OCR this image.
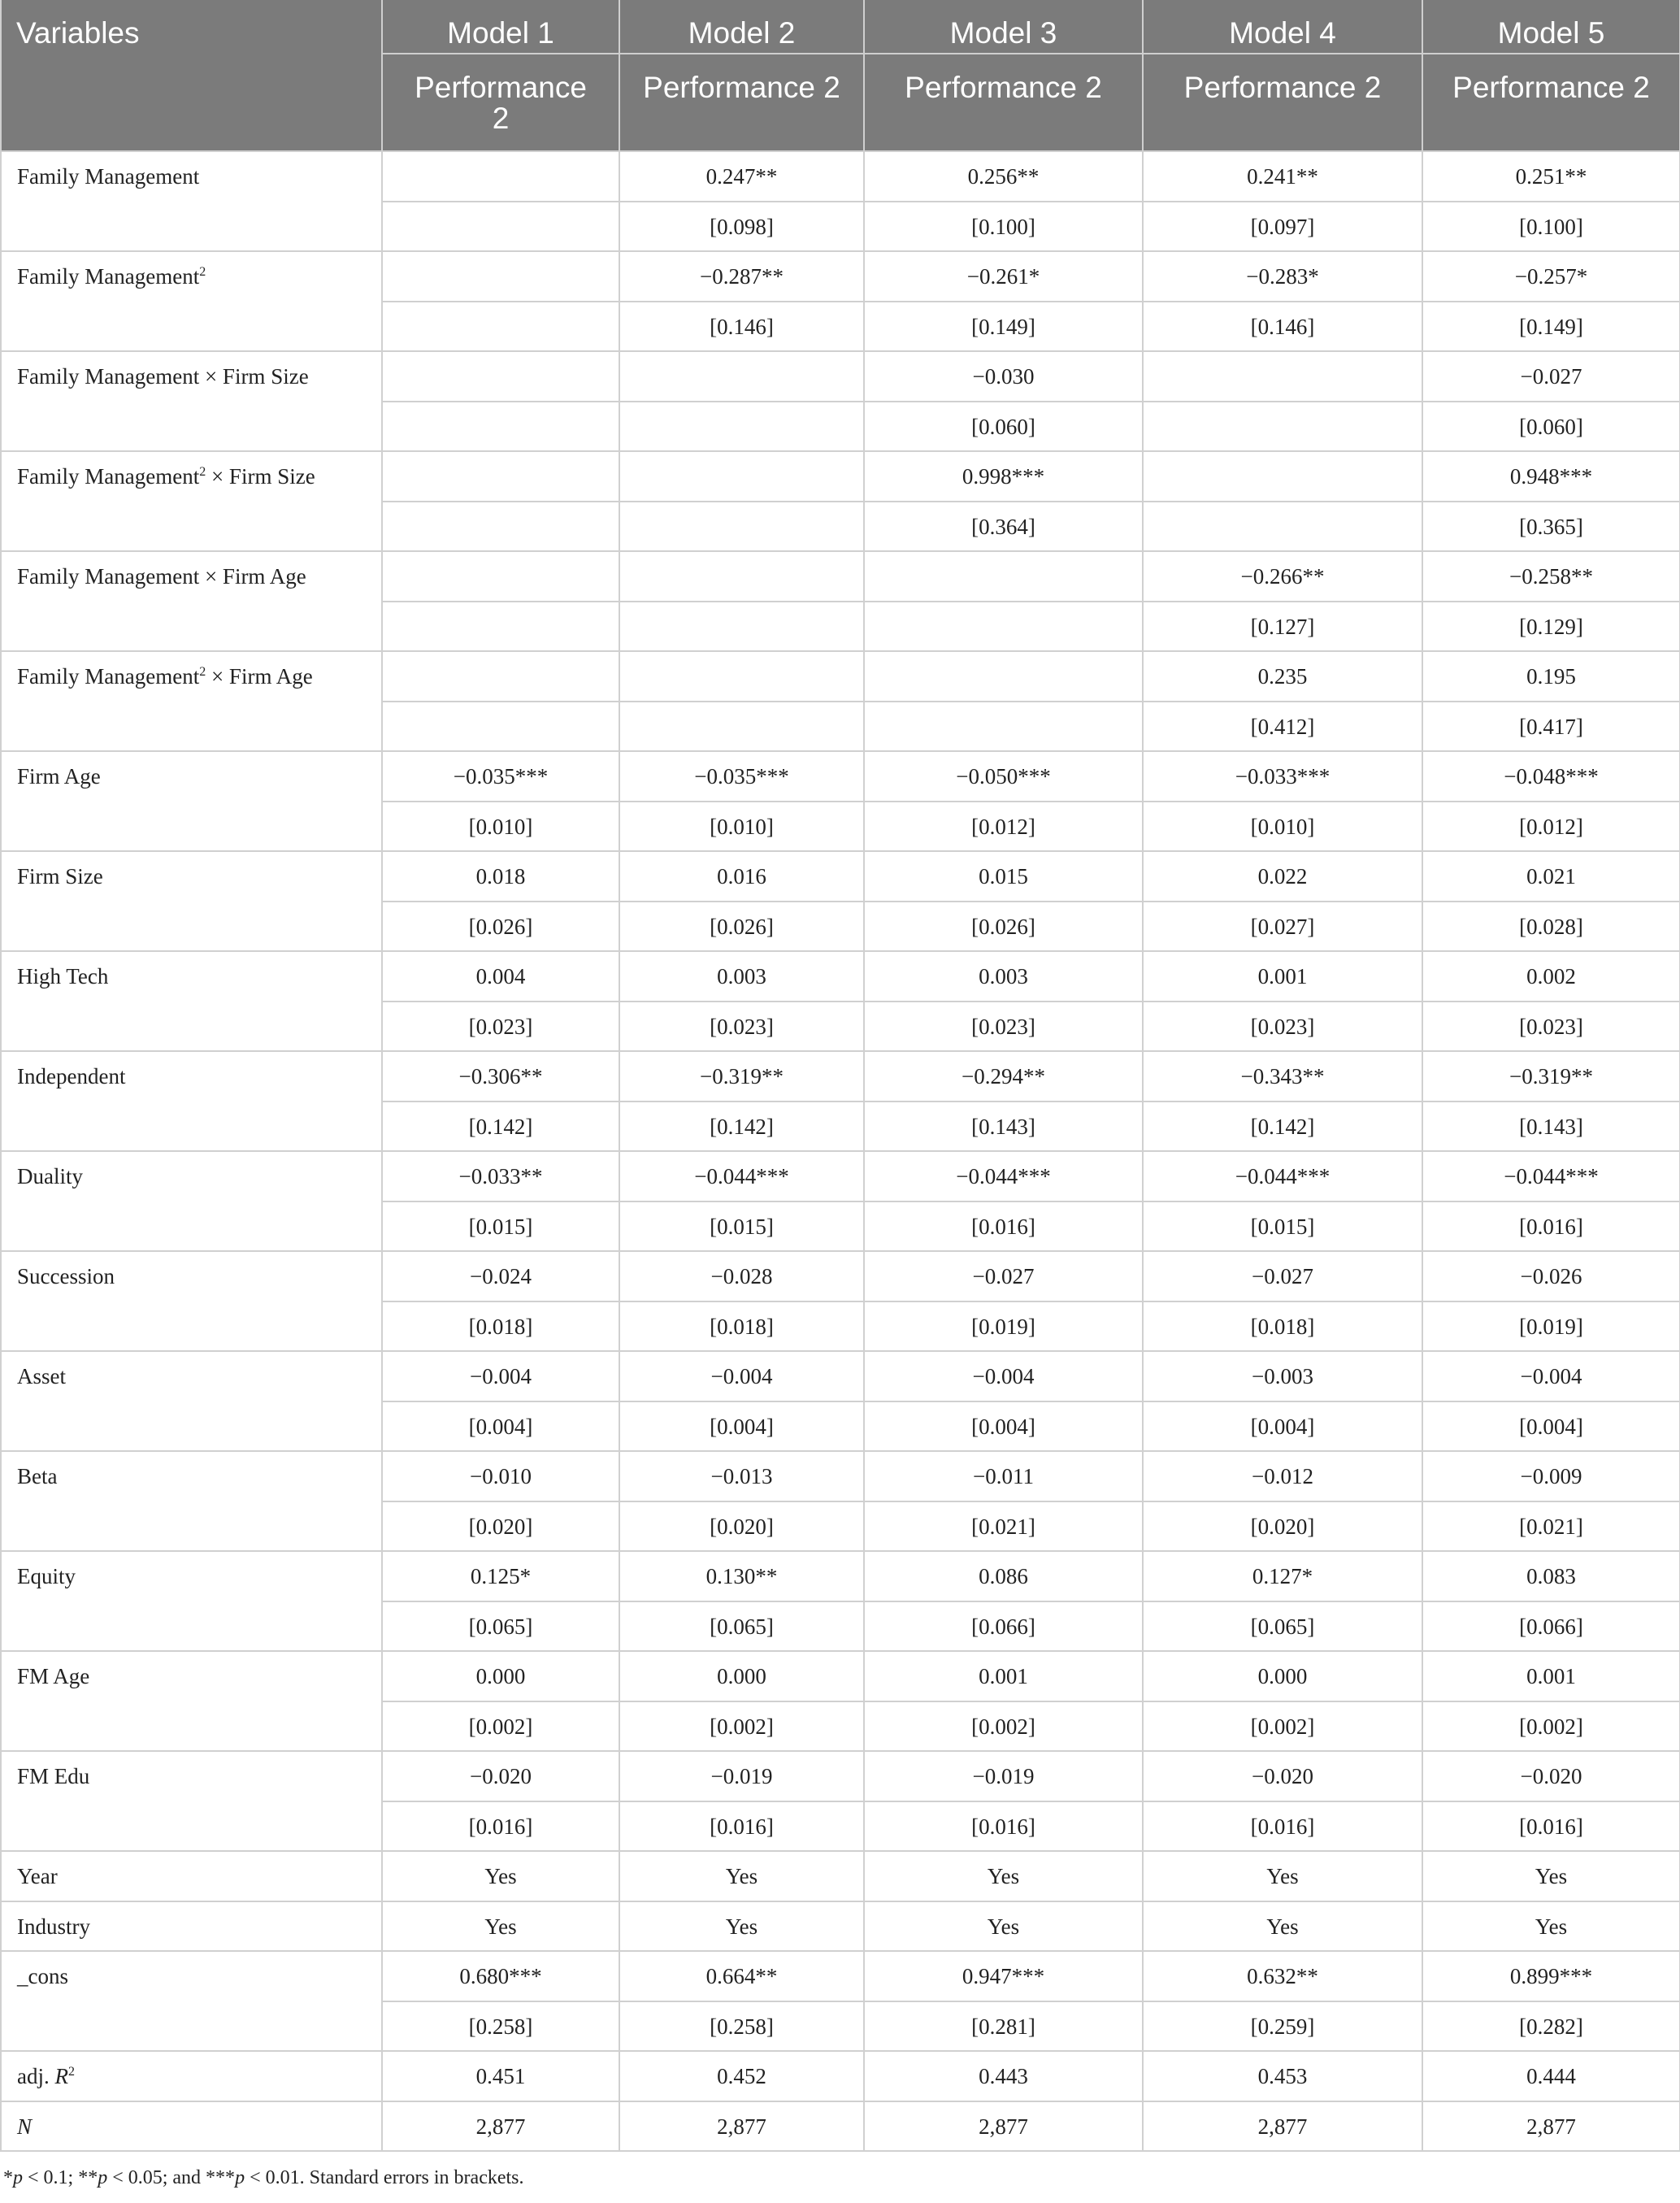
Variables	Model 1	Model 2	Model 3	Model 4	Model 5
	Performance 2	Performance 2	Performance 2	Performance 2	Performance 2
Family Management		0.247**	0.256**	0.241**	0.251**
		[0.098]	[0.100]	[0.097]	[0.100]
Family Management$^2$		−0.287**	−0.261*	−0.283*	−0.257*
		[0.146]	[0.149]	[0.146]	[0.149]
Family Management × Firm Size			−0.030		−0.027
			[0.060]		[0.060]
Family Management$^2$ × Firm Size			0.998***		0.948***
			[0.364]		[0.365]
Family Management × Firm Age				−0.266**	−0.258**
				[0.127]	[0.129]
Family Management$^2$ × Firm Age				0.235	0.195
				[0.412]	[0.417]
Firm Age	−0.035***	−0.035***	−0.050***	−0.033***	−0.048***
	[0.010]	[0.010]	[0.012]	[0.010]	[0.012]
Firm Size	0.018	0.016	0.015	0.022	0.021
	[0.026]	[0.026]	[0.026]	[0.027]	[0.028]
High Tech	0.004	0.003	0.003	0.001	0.002
	[0.023]	[0.023]	[0.023]	[0.023]	[0.023]
Independent	−0.306**	−0.319**	−0.294**	−0.343**	−0.319**
	[0.142]	[0.142]	[0.143]	[0.142]	[0.143]
Duality	−0.033**	−0.044***	−0.044***	−0.044***	−0.044***
	[0.015]	[0.015]	[0.016]	[0.015]	[0.016]
Succession	−0.024	−0.028	−0.027	−0.027	−0.026
	[0.018]	[0.018]	[0.019]	[0.018]	[0.019]
Asset	−0.004	−0.004	−0.004	−0.003	−0.004
	[0.004]	[0.004]	[0.004]	[0.004]	[0.004]
Beta	−0.010	−0.013	−0.011	−0.012	−0.009
	[0.020]	[0.020]	[0.021]	[0.020]	[0.021]
Equity	0.125*	0.130**	0.086	0.127*	0.083
	[0.065]	[0.065]	[0.066]	[0.065]	[0.066]
FM Age	0.000	0.000	0.001	0.000	0.001
	[0.002]	[0.002]	[0.002]	[0.002]	[0.002]
FM Edu	−0.020	−0.019	−0.019	−0.020	−0.020
	[0.016]	[0.016]	[0.016]	[0.016]	[0.016]
Year	Yes	Yes	Yes	Yes	Yes
Industry	Yes	Yes	Yes	Yes	Yes
_cons	0.680***	0.664**	0.947***	0.632**	0.899***
	[0.258]	[0.258]	[0.281]	[0.259]	[0.282]
adj. $R^2$	0.451	0.452	0.443	0.453	0.444
N	2,877	2,877	2,877	2,877	2,877
*p < 0.1; **p < 0.05; and ***p < 0.01. Standard errors in brackets.
